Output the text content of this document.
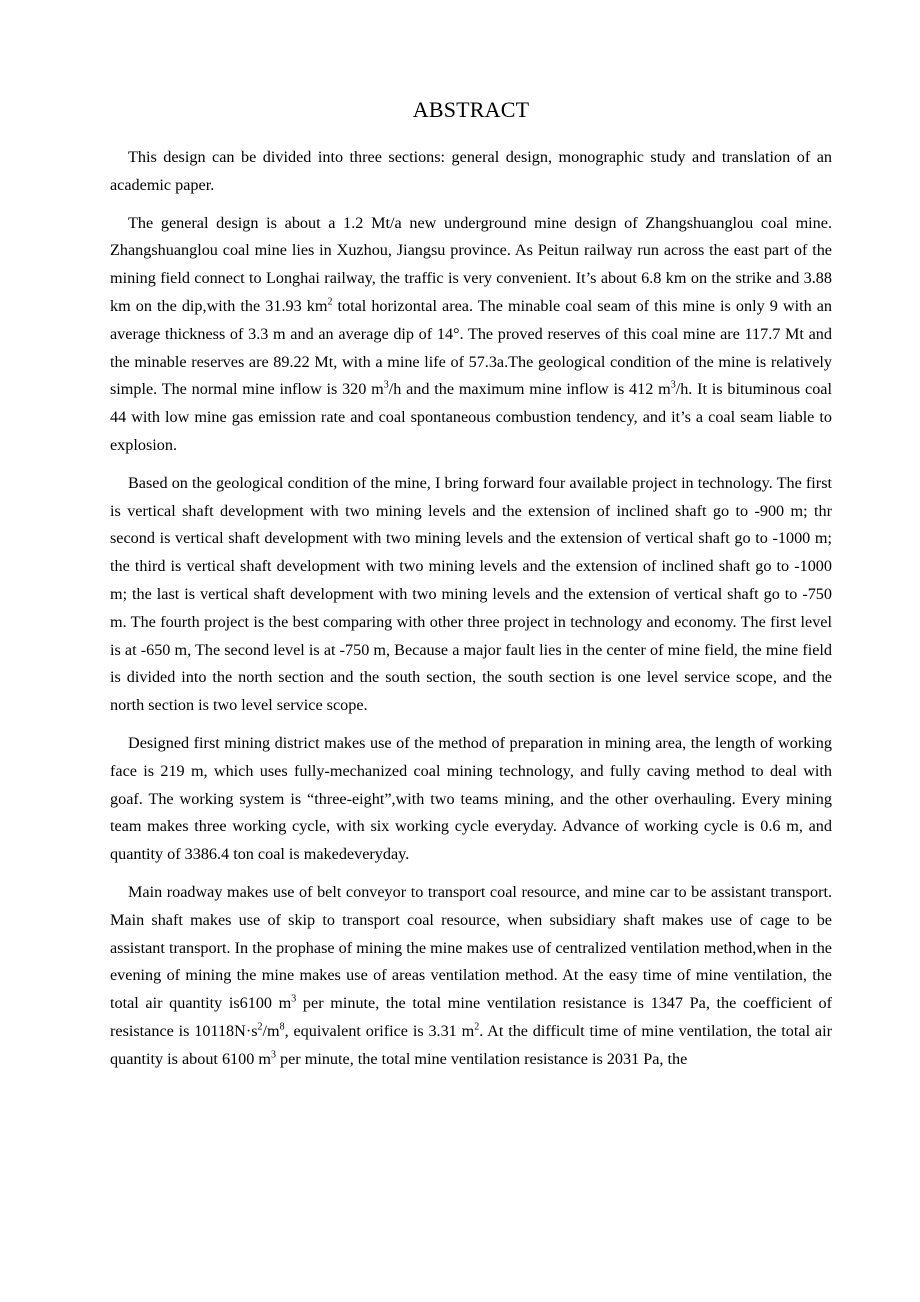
ABSTRACT

This design can be divided into three sections: general design, monographic study and translation of an academic paper.

The general design is about a 1.2 Mt/a new underground mine design of Zhangshuanglou coal mine. Zhangshuanglou coal mine lies in Xuzhou, Jiangsu province. As Peitun railway run across the east part of the mining field connect to Longhai railway, the traffic is very convenient. It’s about 6.8 km on the strike and 3.88 km on the dip,with the 31.93 $km^2$ total horizontal area. The minable coal seam of this mine is only 9 with an average thickness of 3.3 m and an average dip of 14°. The proved reserves of this coal mine are 117.7 Mt and the minable reserves are 89.22 Mt, with a mine life of 57.3a.The geological condition of the mine is relatively simple. The normal mine inflow is 320 $m^3/h$ and the maximum mine inflow is 412 $m^3/h$. It is bituminous coal 44 with low mine gas emission rate and coal spontaneous combustion tendency, and it’s a coal seam liable to explosion.

Based on the geological condition of the mine, I bring forward four available project in technology. The first is vertical shaft development with two mining levels and the extension of inclined shaft go to -900 m; thr second is vertical shaft development with two mining levels and the extension of vertical shaft go to -1000 m; the third is vertical shaft development with two mining levels and the extension of inclined shaft go to -1000 m; the last is vertical shaft development with two mining levels and the extension of vertical shaft go to -750 m. The fourth project is the best comparing with other three project in technology and economy. The first level is at -650 m, The second level is at -750 m, Because a major fault lies in the center of mine field, the mine field is divided into the north section and the south section, the south section is one level service scope, and the north section is two level service scope.

Designed first mining district makes use of the method of preparation in mining area, the length of working face is 219 m, which uses fully-mechanized coal mining technology, and fully caving method to deal with goaf. The working system is “three-eight”,with two teams mining, and the other overhauling. Every mining team makes three working cycle, with six working cycle everyday. Advance of working cycle is 0.6 m, and quantity of 3386.4 ton coal is makedeveryday.

Main roadway makes use of belt conveyor to transport coal resource, and mine car to be assistant transport. Main shaft makes use of skip to transport coal resource, when subsidiary shaft makes use of cage to be assistant transport. In the prophase of mining the mine makes use of centralized ventilation method,when in the evening of mining the mine makes use of areas ventilation method. At the easy time of mine ventilation, the total air quantity is6100 $m^3$ per minute, the total mine ventilation resistance is 1347 Pa, the coefficient of resistance is $10118N\cdot s^2/m^8$, equivalent orifice is 3.31 $m^2$. At the difficult time of mine ventilation, the total air quantity is about 6100 $m^3$ per minute, the total mine ventilation resistance is 2031 Pa, the
